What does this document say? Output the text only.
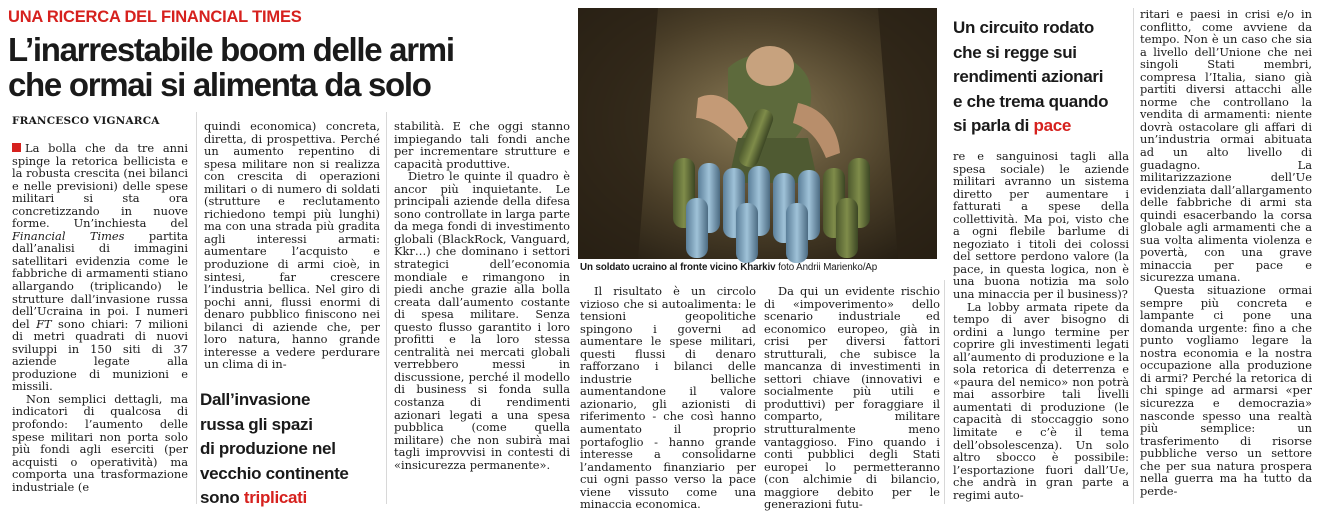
UNA RICERCA DEL FINANCIAL TIMES
L’inarrestabile boom delle armi
che ormai si alimenta da solo
FRANCESCO VIGNARCA

La bolla che da tre anni spinge la retorica bellicista e la robusta crescita (nei bilanci e nelle previsioni) delle spese militari si sta ora concretizzando in nuove forme. Un’inchiesta del Financial Times partita dall’analisi di immagini satellitari evidenzia come le fabbriche di armamenti stiano allargando (triplicando) le strutture dall’invasione russa dell’Ucraina in poi. I numeri del FT sono chiari: 7 milioni di metri quadrati di nuovi sviluppi in 150 siti di 37 aziende legate alla produzione di munizioni e missili.

Non semplici dettagli, ma indicatori di qualcosa di profondo: l’aumento delle spese militari non porta solo più fondi agli eserciti (per acquisti o operatività) ma comporta una trasformazione industriale (e

quindi economica) concreta, diretta, di prospettiva. Perché un aumento repentino di spesa militare non si realizza con crescita di operazioni militari o di numero di soldati (strutture e reclutamento richiedono tempi più lunghi) ma con una strada più gradita agli interessi armati: aumentare l’acquisto e produzione di armi cioè, in sintesi, far crescere l’industria bellica. Nel giro di pochi anni, flussi enormi di denaro pubblico finiscono nei bilanci di aziende che, per loro natura, hanno grande interesse a vedere perdurare un clima di in-

Dall’invasione
russa gli spazi
di produzione nel
vecchio continente
sono triplicati

stabilità. E che oggi stanno impiegando tali fondi anche per incrementare strutture e capacità produttive.

Dietro le quinte il quadro è ancor più inquietante. Le principali aziende della difesa sono controllate in larga parte da mega fondi di investimento globali (BlackRock, Vanguard, Kkr…) che dominano i settori strategici dell’economia mondiale e rimangono in piedi anche grazie alla bolla creata dall’aumento costante di spesa militare. Senza questo flusso garantito i loro profitti e la loro stessa centralità nei mercati globali verrebbero messi in discussione, perché il modello di business si fonda sulla costanza di rendimenti azionari legati a una spesa pubblica (come quella militare) che non subirà mai tagli improvvisi in contesti di «insicurezza permanente».

Un soldato ucraino al fronte vicino Kharkiv foto Andrii Marienko/Ap

Il risultato è un circolo vizioso che si autoalimenta: le tensioni geopolitiche spingono i governi ad aumentare le spese militari, questi flussi di denaro rafforzano i bilanci delle industrie belliche aumentandone il valore azionario, gli azionisti di riferimento - che così hanno aumentato il proprio portafoglio - hanno grande interesse a consolidarne l’andamento finanziario per cui ogni passo verso la pace viene vissuto come una minaccia economica.

Da qui un evidente rischio di «impoverimento» dello scenario industriale ed economico europeo, già in crisi per diversi fattori strutturali, che subisce la mancanza di investimenti in settori chiave (innovativi e socialmente più utili e produttivi) per foraggiare il comparto, militare strutturalmente meno vantaggioso. Fino quando i conti pubblici degli Stati europei lo permetteranno (con alchimie di bilancio, maggiore debito per le generazioni futu-

Un circuito rodato
che si regge sui
rendimenti azionari
e che trema quando
si parla di pace

re e sanguinosi tagli alla spesa sociale) le aziende militari avranno un sistema diretto per aumentare i fatturati a spese della collettività. Ma poi, visto che a ogni flebile barlume di negoziato i titoli dei colossi del settore perdono valore (la pace, in questa logica, non è una buona notizia ma solo una minaccia per il business)?

La lobby armata ripete da tempo di aver bisogno di ordini a lungo termine per coprire gli investimenti legati all’aumento di produzione e la sola retorica di deterrenza e «paura del nemico» non potrà mai assorbire tali livelli aumentati di produzione (le capacità di stoccaggio sono limitate e c’è il tema dell’obsolescenza). Un solo altro sbocco è possibile: l’esportazione fuori dall’Ue, che andrà in gran parte a regimi auto-

ritari e paesi in crisi e/o in conflitto, come avviene da tempo. Non è un caso che sia a livello dell’Unione che nei singoli Stati membri, compresa l’Italia, siano già partiti diversi attacchi alle norme che controllano la vendita di armamenti: niente dovrà ostacolare gli affari di un’industria ormai abituata ad un alto livello di guadagno. La militarizzazione dell’Ue evidenziata dall’allargamento delle fabbriche di armi sta quindi esacerbando la corsa globale agli armamenti che a sua volta alimenta violenza e povertà, con una grave minaccia per pace e sicurezza umana.

Questa situazione ormai sempre più concreta e lampante ci pone una domanda urgente: fino a che punto vogliamo legare la nostra economia e la nostra occupazione alla produzione di armi? Perché la retorica di chi spinge ad armarsi «per sicurezza e democrazia» nasconde spesso una realtà più semplice: un trasferimento di risorse pubbliche verso un settore che per sua natura prospera nella guerra ma ha tutto da perde-
